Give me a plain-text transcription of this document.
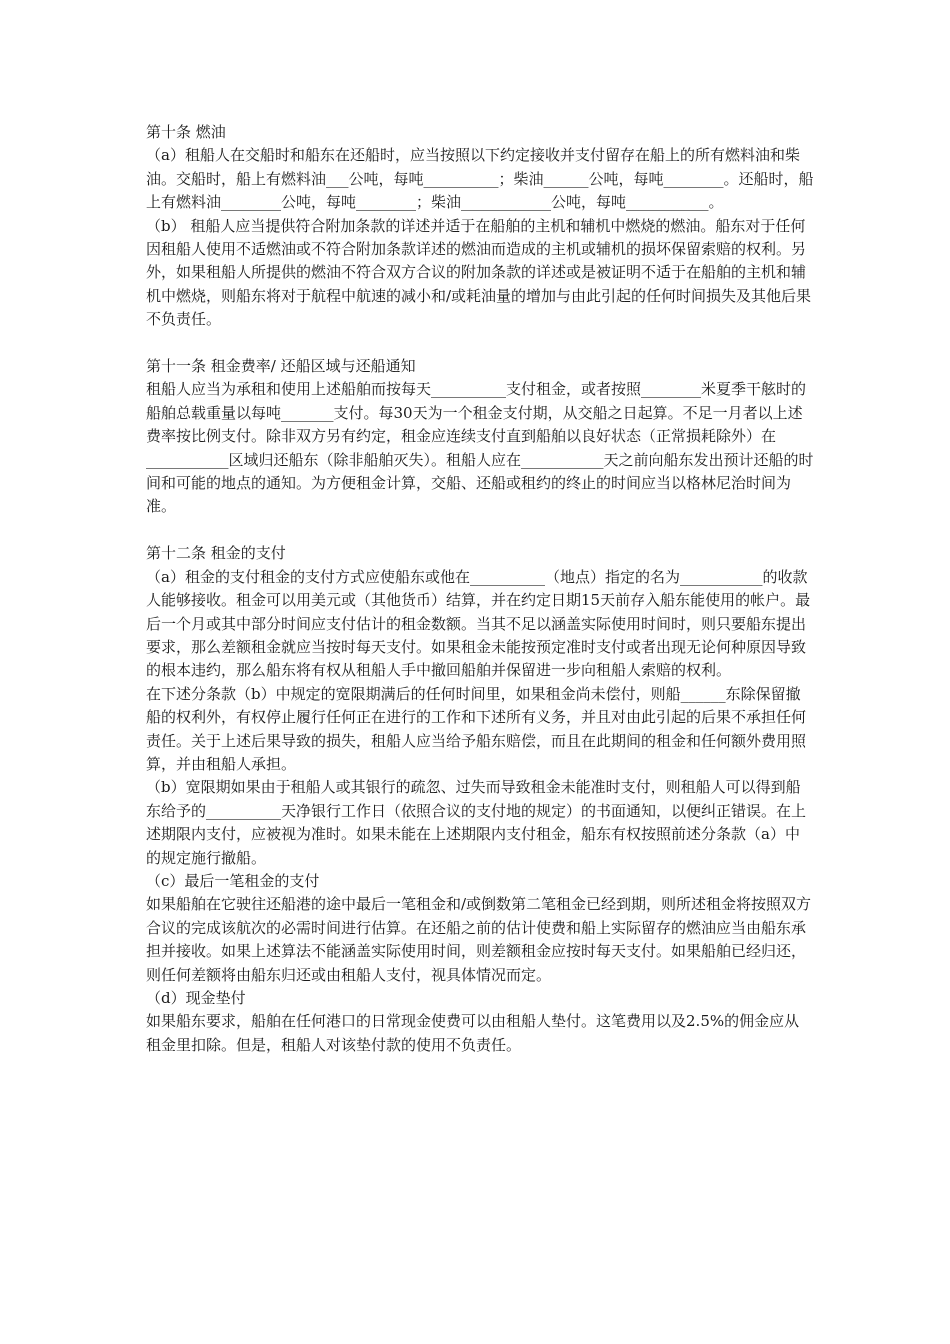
第十条 燃油

（a）租船人在交船时和船东在还船时，应当按照以下约定接收并支付留存在船上的所有燃料油和柴油。交船时，船上有燃料油___公吨，每吨__________；柴油______公吨，每吨________。还船时，船上有燃料油________公吨，每吨________；柴油____________公吨，每吨___________。

（b） 租船人应当提供符合附加条款的详述并适于在船舶的主机和辅机中燃烧的燃油。船东对于任何因租船人使用不适燃油或不符合附加条款详述的燃油而造成的主机或辅机的损坏保留索赔的权利。另外，如果租船人所提供的燃油不符合双方合议的附加条款的详述或是被证明不适于在船舶的主机和辅机中燃烧，则船东将对于航程中航速的减小和/或耗油量的增加与由此引起的任何时间损失及其他后果不负责任。

第十一条 租金费率/ 还船区域与还船通知

租船人应当为承租和使用上述船舶而按每天__________支付租金，或者按照________米夏季干舷时的船舶总载重量以每吨_______支付。每30天为一个租金支付期，从交船之日起算。不足一月者以上述费率按比例支付。除非双方另有约定，租金应连续支付直到船舶以良好状态（正常损耗除外）在___________区域归还船东（除非船舶灭失）。租船人应在___________天之前向船东发出预计还船的时间和可能的地点的通知。为方便租金计算，交船、还船或租约的终止的时间应当以格林尼治时间为准。

第十二条 租金的支付

（a）租金的支付租金的支付方式应使船东或他在__________（地点）指定的名为___________的收款人能够接收。租金可以用美元或（其他货币）结算，并在约定日期15天前存入船东能使用的帐户。最后一个月或其中部分时间应支付估计的租金数额。当其不足以涵盖实际使用时间时，则只要船东提出要求，那么差额租金就应当按时每天支付。如果租金未能按预定准时支付或者出现无论何种原因导致的根本违约，那么船东将有权从租船人手中撤回船舶并保留进一步向租船人索赔的权利。

在下述分条款（b）中规定的宽限期满后的任何时间里，如果租金尚未偿付，则船______东除保留撤船的权利外，有权停止履行任何正在进行的工作和下述所有义务，并且对由此引起的后果不承担任何责任。关于上述后果导致的损失，租船人应当给予船东赔偿，而且在此期间的租金和任何额外费用照算，并由租船人承担。

（b）宽限期如果由于租船人或其银行的疏忽、过失而导致租金未能准时支付，则租船人可以得到船东给予的__________天净银行工作日（依照合议的支付地的规定）的书面通知，以便纠正错误。在上述期限内支付，应被视为准时。如果未能在上述期限内支付租金，船东有权按照前述分条款（a）中的规定施行撤船。

（c）最后一笔租金的支付

如果船舶在它驶往还船港的途中最后一笔租金和/或倒数第二笔租金已经到期，则所述租金将按照双方合议的完成该航次的必需时间进行估算。在还船之前的估计使费和船上实际留存的燃油应当由船东承担并接收。如果上述算法不能涵盖实际使用时间，则差额租金应按时每天支付。如果船舶已经归还，则任何差额将由船东归还或由租船人支付，视具体情况而定。

（d）现金垫付

如果船东要求，船舶在任何港口的日常现金使费可以由租船人垫付。这笔费用以及2.5%的佣金应从租金里扣除。但是，租船人对该垫付款的使用不负责任。
